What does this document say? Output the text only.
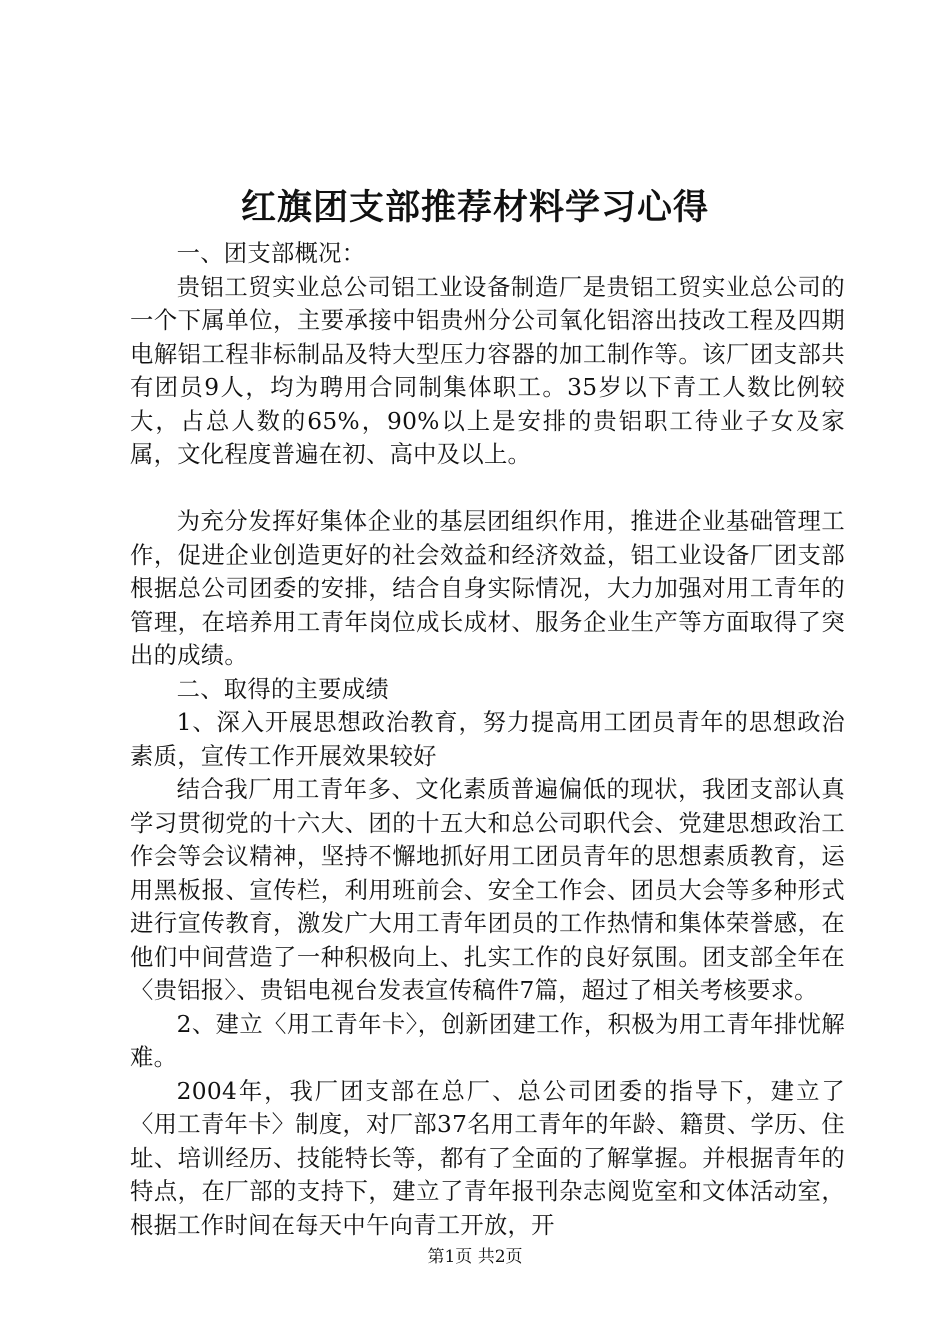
红旗团支部推荐材料学习心得

一、团支部概况：

贵铝工贸实业总公司铝工业设备制造厂是贵铝工贸实业总公司的一个下属单位，主要承接中铝贵州分公司氧化铝溶出技改工程及四期电解铝工程非标制品及特大型压力容器的加工制作等。该厂团支部共有团员9人，均为聘用合同制集体职工。35岁以下青工人数比例较大，占总人数的65%，90%以上是安排的贵铝职工待业子女及家属，文化程度普遍在初、高中及以上。

为充分发挥好集体企业的基层团组织作用，推进企业基础管理工作，促进企业创造更好的社会效益和经济效益，铝工业设备厂团支部根据总公司团委的安排，结合自身实际情况，大力加强对用工青年的管理，在培养用工青年岗位成长成材、服务企业生产等方面取得了突出的成绩。

二、取得的主要成绩

1、深入开展思想政治教育，努力提高用工团员青年的思想政治素质，宣传工作开展效果较好

结合我厂用工青年多、文化素质普遍偏低的现状，我团支部认真学习贯彻党的十六大、团的十五大和总公司职代会、党建思想政治工作会等会议精神，坚持不懈地抓好用工团员青年的思想素质教育，运用黑板报、宣传栏，利用班前会、安全工作会、团员大会等多种形式进行宣传教育，激发广大用工青年团员的工作热情和集体荣誉感，在他们中间营造了一种积极向上、扎实工作的良好氛围。团支部全年在〈贵铝报〉、贵铝电视台发表宣传稿件7篇，超过了相关考核要求。

2、建立〈用工青年卡〉，创新团建工作，积极为用工青年排忧解难。

2004年，我厂团支部在总厂、总公司团委的指导下，建立了〈用工青年卡〉制度，对厂部37名用工青年的年龄、籍贯、学历、住址、培训经历、技能特长等，都有了全面的了解掌握。并根据青年的特点，在厂部的支持下，建立了青年报刊杂志阅览室和文体活动室，根据工作时间在每天中午向青工开放，开

第1页 共2页
